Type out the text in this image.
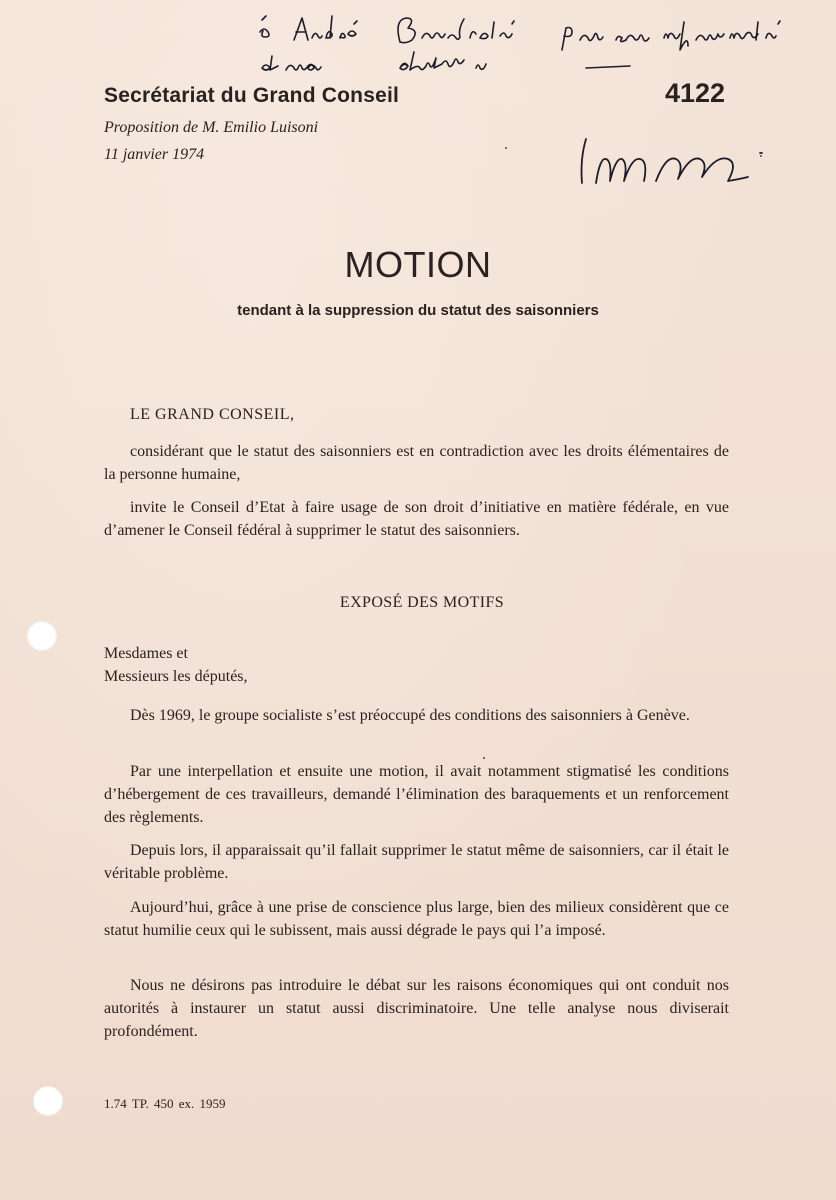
Secrétariat du Grand Conseil	4122
Proposition de M. Emilio Luisoni
11 janvier 1974
MOTION
tendant à la suppression du statut des saisonniers
LE GRAND CONSEIL,
considérant que le statut des saisonniers est en contradiction avec les droits élémentaires de la personne humaine,
invite le Conseil d’Etat à faire usage de son droit d’initiative en matière fédérale, en vue d’amener le Conseil fédéral à supprimer le statut des saisonniers.
EXPOSÉ DES MOTIFS
Mesdames et
Messieurs les députés,
Dès 1969, le groupe socialiste s’est préoccupé des conditions des saisonniers à Genève.
Par une interpellation et ensuite une motion, il avait notamment stigmatisé les conditions d’hébergement de ces travailleurs, demandé l’élimination des baraquements et un renforcement des règlements.
Depuis lors, il apparaissait qu’il fallait supprimer le statut même de saisonniers, car il était le véritable problème.
Aujourd’hui, grâce à une prise de conscience plus large, bien des milieux considèrent que ce statut humilie ceux qui le subissent, mais aussi dégrade le pays qui l’a imposé.
Nous ne désirons pas introduire le débat sur les raisons économiques qui ont conduit nos autorités à instaurer un statut aussi discriminatoire. Une telle analyse nous diviserait profondément.
1.74 TP. 450 ex. 1959
